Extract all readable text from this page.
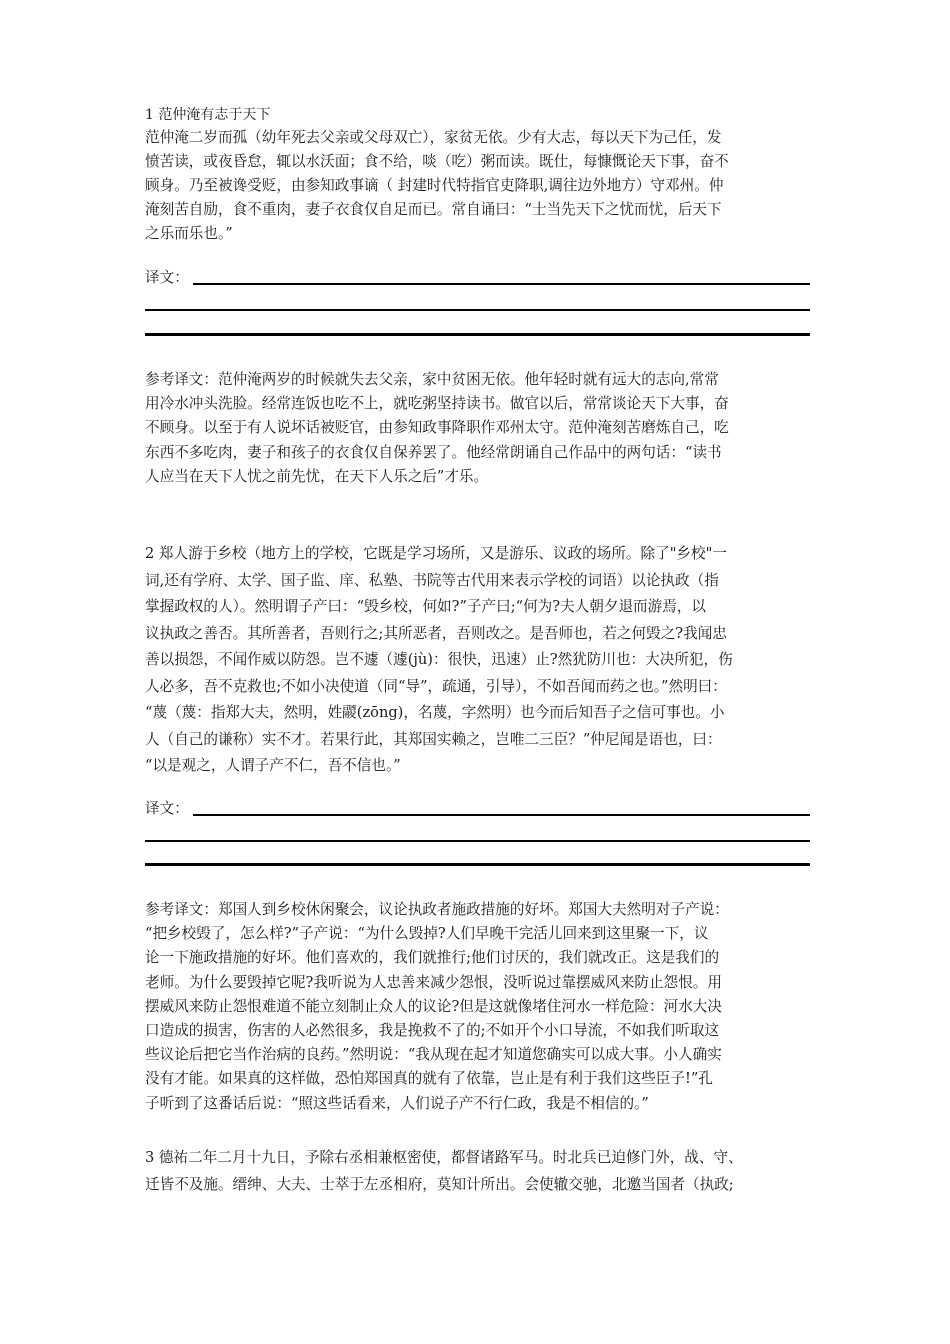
1 范仲淹有志于天下
范仲淹二岁而孤（幼年死去父亲或父母双亡），家贫无依。少有大志，每以天下为己任，发
愤苦读，或夜昏怠，辄以水沃面；食不给，啖（吃）粥而读。既仕，每慷慨论天下事，奋不
顾身。乃至被谗受贬，由参知政事谪（ 封建时代特指官吏降职,调往边外地方）守邓州。仲
淹刻苦自励，食不重肉，妻子衣食仅自足而已。常自诵曰：“士当先天下之忧而忧，后天下
之乐而乐也。”
译文：
参考译文：范仲淹两岁的时候就失去父亲，家中贫困无依。他年轻时就有远大的志向,常常
用冷水冲头洗脸。经常连饭也吃不上，就吃粥坚持读书。做官以后，常常谈论天下大事，奋
不顾身。以至于有人说坏话被贬官，由参知政事降职作邓州太守。范仲淹刻苦磨炼自己，吃
东西不多吃肉，妻子和孩子的衣食仅自保养罢了。他经常朗诵自己作品中的两句话：“读书
人应当在天下人忧之前先忧，在天下人乐之后”才乐。
2 郑人游于乡校（地方上的学校，它既是学习场所，又是游乐、议政的场所。除了"乡校"一
词,还有学府、太学、国子监、庠、私塾、书院等古代用来表示学校的词语）以论执政（指
掌握政权的人）。然明谓子产曰：“毁乡校，何如?”子产曰;“何为?夫人朝夕退而游焉，以
议执政之善否。其所善者，吾则行之;其所恶者，吾则改之。是吾师也，若之何毁之?我闻忠
善以损怨，不闻作威以防怨。岂不遽（遽(jù)：很快，迅速）止?然犹防川也：大决所犯，伤
人必多，吾不克救也;不如小决使道（同“导”，疏通，引导），不如吾闻而药之也。”然明曰：
“蔑（蔑：指郑大夫，然明，姓鬷(zōng)，名蔑，字然明）也今而后知吾子之信可事也。小
人（自己的谦称）实不才。若果行此，其郑国实赖之，岂唯二三臣？”仲尼闻是语也，曰：
“以是观之，人谓子产不仁，吾不信也。”
译文：
参考译文：郑国人到乡校休闲聚会，议论执政者施政措施的好坏。郑国大夫然明对子产说：
“把乡校毁了，怎么样?”子产说：“为什么毁掉?人们早晚干完活儿回来到这里聚一下，议
论一下施政措施的好坏。他们喜欢的，我们就推行;他们讨厌的，我们就改正。这是我们的
老师。为什么要毁掉它呢?我听说为人忠善来减少怨恨，没听说过靠摆威风来防止怨恨。用
摆威风来防止怨恨难道不能立刻制止众人的议论?但是这就像堵住河水一样危险：河水大决
口造成的损害，伤害的人必然很多，我是挽救不了的;不如开个小口导流，不如我们听取这
些议论后把它当作治病的良药。”然明说：“我从现在起才知道您确实可以成大事。小人确实
没有才能。如果真的这样做，恐怕郑国真的就有了依靠，岂止是有利于我们这些臣子!”孔
子听到了这番话后说：“照这些话看来，人们说子产不行仁政，我是不相信的。”
3 德祐二年二月十九日，予除右丞相兼枢密使，都督诸路军马。时北兵已迫修门外，战、守、
迁皆不及施。缙绅、大夫、士萃于左丞相府，莫知计所出。会使辙交驰，北邀当国者（执政;
